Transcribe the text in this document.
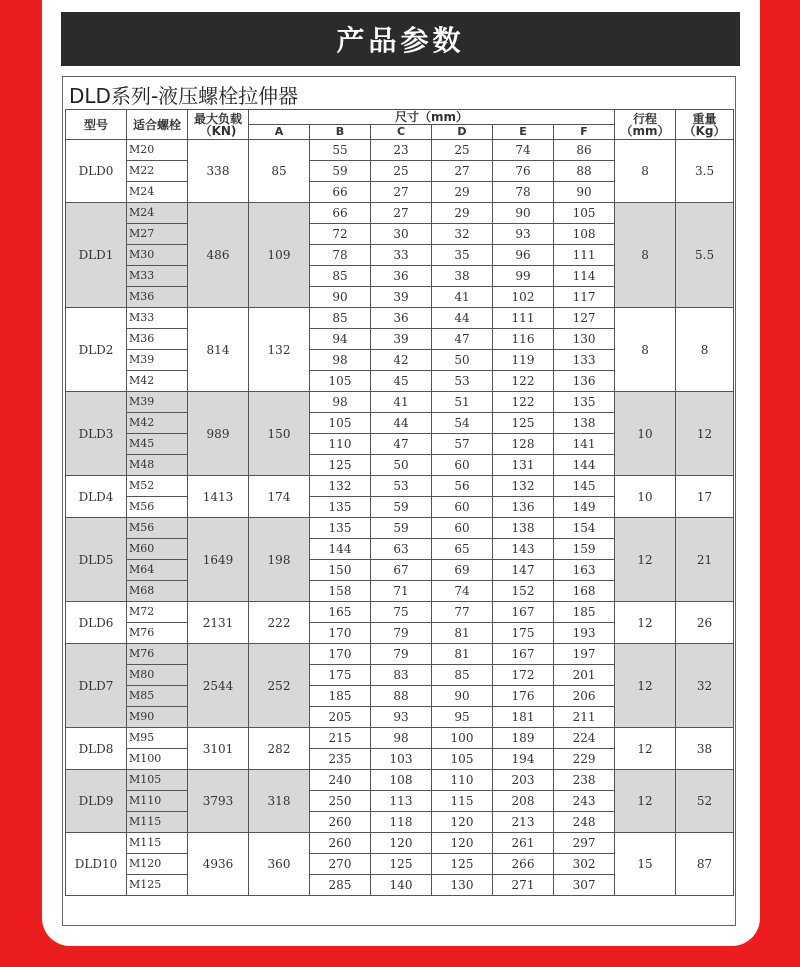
产品参数
DLD系列-液压螺栓拉伸器
型号	适合螺栓	最大负载（KN)	尺寸（mm）						行程（mm）	重量（Kg）
			A	B	C	D	E	F		
DLD0	M20	338	85	55	23	25	74	86	8	3.5
	M22			59	25	27	76	88		
	M24			66	27	29	78	90		
DLD1	M24	486	109	66	27	29	90	105	8	5.5
	M27			72	30	32	93	108		
	M30			78	33	35	96	111		
	M33			85	36	38	99	114		
	M36			90	39	41	102	117		
DLD2	M33	814	132	85	36	44	111	127	8	8
	M36			94	39	47	116	130		
	M39			98	42	50	119	133		
	M42			105	45	53	122	136		
DLD3	M39	989	150	98	41	51	122	135	10	12
	M42			105	44	54	125	138		
	M45			110	47	57	128	141		
	M48			125	50	60	131	144		
DLD4	M52	1413	174	132	53	56	132	145	10	17
	M56			135	59	60	136	149		
DLD5	M56	1649	198	135	59	60	138	154	12	21
	M60			144	63	65	143	159		
	M64			150	67	69	147	163		
	M68			158	71	74	152	168		
DLD6	M72	2131	222	165	75	77	167	185	12	26
	M76			170	79	81	175	193		
DLD7	M76	2544	252	170	79	81	167	197	12	32
	M80			175	83	85	172	201		
	M85			185	88	90	176	206		
	M90			205	93	95	181	211		
DLD8	M95	3101	282	215	98	100	189	224	12	38
	M100			235	103	105	194	229		
DLD9	M105	3793	318	240	108	110	203	238	12	52
	M110			250	113	115	208	243		
	M115			260	118	120	213	248		
DLD10	M115	4936	360	260	120	120	261	297	15	87
	M120			270	125	125	266	302		
	M125			285	140	130	271	307		
